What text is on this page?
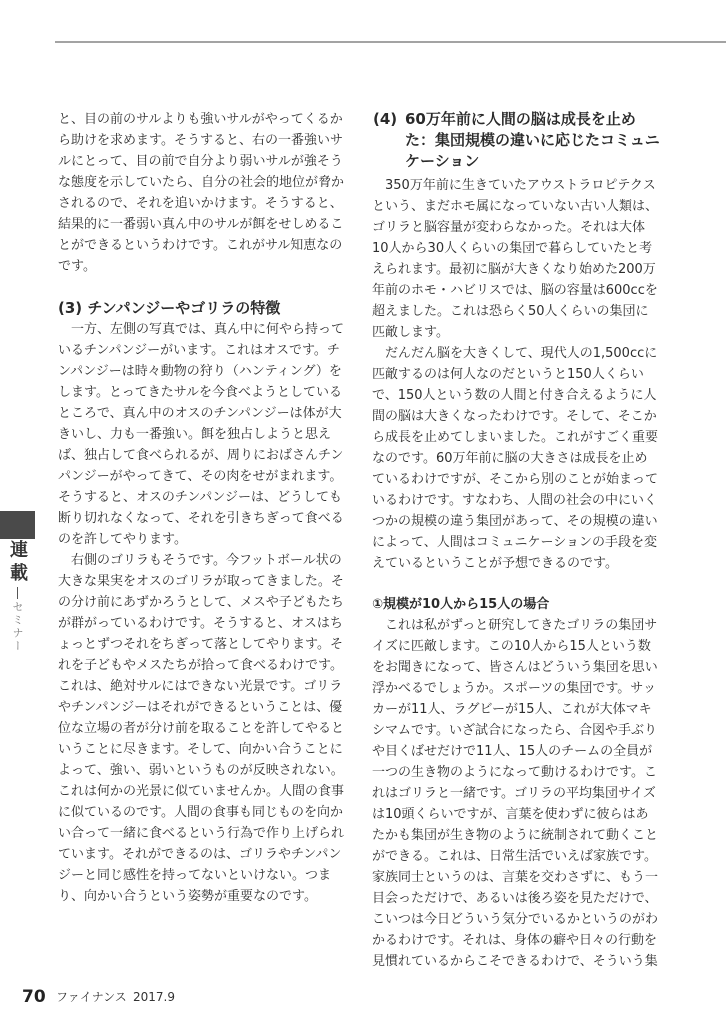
連載
セミナー
と、目の前のサルよりも強いサルがやってくるか
ら助けを求めます。そうすると、右の一番強いサ
ルにとって、目の前で自分より弱いサルが強そう
な態度を示していたら、自分の社会的地位が脅か
されるので、それを追いかけます。そうすると、
結果的に一番弱い真ん中のサルが餌をせしめるこ
とができるというわけです。これがサル知恵なの
です。
(3) チンパンジーやゴリラの特徴
　一方、左側の写真では、真ん中に何やら持って
いるチンパンジーがいます。これはオスです。チ
ンパンジーは時々動物の狩り（ハンティング）を
します。とってきたサルを今食べようとしている
ところで、真ん中のオスのチンパンジーは体が大
きいし、力も一番強い。餌を独占しようと思え
ば、独占して食べられるが、周りにおばさんチン
パンジーがやってきて、その肉をせがまれます。
そうすると、オスのチンパンジーは、どうしても
断り切れなくなって、それを引きちぎって食べる
のを許してやります。
　右側のゴリラもそうです。今フットボール状の
大きな果実をオスのゴリラが取ってきました。そ
の分け前にあずかろうとして、メスや子どもたち
が群がっているわけです。そうすると、オスはち
ょっとずつそれをちぎって落としてやります。そ
れを子どもやメスたちが拾って食べるわけです。
これは、絶対サルにはできない光景です。ゴリラ
やチンパンジーはそれができるということは、優
位な立場の者が分け前を取ることを許してやると
いうことに尽きます。そして、向かい合うことに
よって、強い、弱いというものが反映されない。
これは何かの光景に似ていませんか。人間の食事
に似ているのです。人間の食事も同じものを向か
い合って一緒に食べるという行為で作り上げられ
ています。それができるのは、ゴリラやチンパン
ジーと同じ感性を持ってないといけない。つま
り、向かい合うという姿勢が重要なのです。
(4) 60万年前に人間の脳は成長を止め
た：集団規模の違いに応じたコミュニ
ケーション
　350万年前に生きていたアウストラロピテクス
という、まだホモ属になっていない古い人類は、
ゴリラと脳容量が変わらなかった。それは大体
10人から30人くらいの集団で暮らしていたと考
えられます。最初に脳が大きくなり始めた200万
年前のホモ・ハビリスでは、脳の容量は600ccを
超えました。これは恐らく50人くらいの集団に
匹敵します。
　だんだん脳を大きくして、現代人の1,500ccに
匹敵するのは何人なのだというと150人くらい
で、150人という数の人間と付き合えるように人
間の脳は大きくなったわけです。そして、そこか
ら成長を止めてしまいました。これがすごく重要
なのです。60万年前に脳の大きさは成長を止め
ているわけですが、そこから別のことが始まって
いるわけです。すなわち、人間の社会の中にいく
つかの規模の違う集団があって、その規模の違い
によって、人間はコミュニケーションの手段を変
えているということが予想できるのです。
①規模が10人から15人の場合
　これは私がずっと研究してきたゴリラの集団サ
イズに匹敵します。この10人から15人という数
をお聞きになって、皆さんはどういう集団を思い
浮かべるでしょうか。スポーツの集団です。サッ
カーが11人、ラグビーが15人、これが大体マキ
シマムです。いざ試合になったら、合図や手ぶり
や目くばせだけで11人、15人のチームの全員が
一つの生き物のようになって動けるわけです。こ
れはゴリラと一緒です。ゴリラの平均集団サイズ
は10頭くらいですが、言葉を使わずに彼らはあ
たかも集団が生き物のように統制されて動くこと
ができる。これは、日常生活でいえば家族です。
家族同士というのは、言葉を交わさずに、もう一
目会っただけで、あるいは後ろ姿を見ただけで、
こいつは今日どういう気分でいるかというのがわ
かるわけです。それは、身体の癖や日々の行動を
見慣れているからこそできるわけで、そういう集
70 ファイナンス 2017.9
